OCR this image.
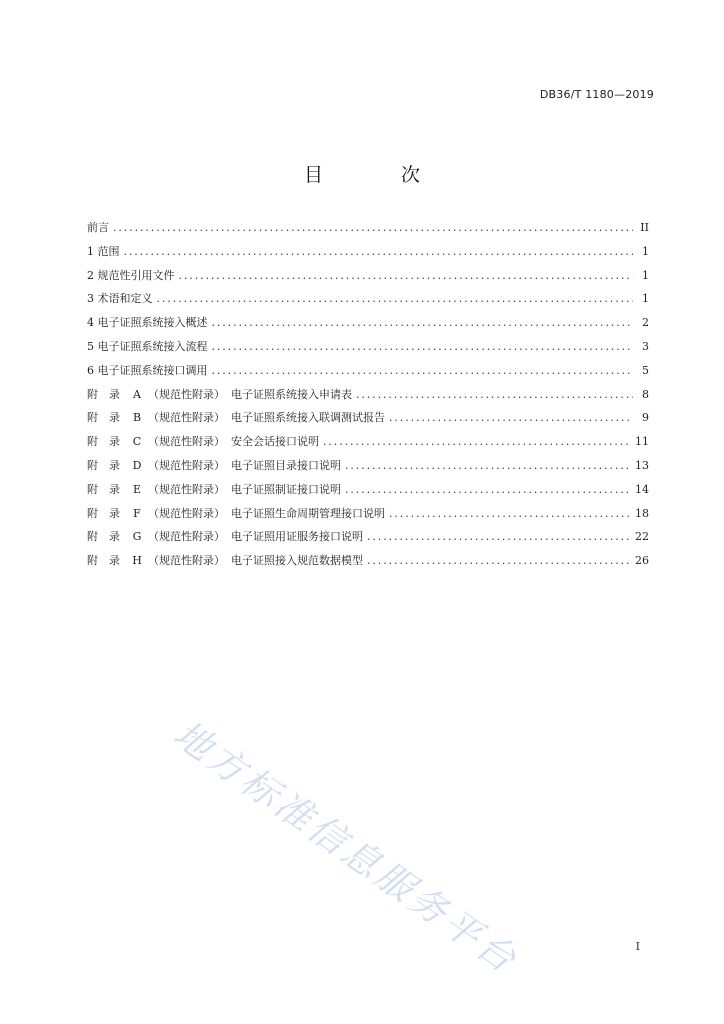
DB36/T 1180—2019
目 次
前言 .....	II
1 范围 .....	1
2 规范性引用文件 .....	1
3 术语和定义 .....	1
4 电子证照系统接入概述 .....	2
5 电子证照系统接入流程 .....	3
6 电子证照系统接口调用 .....	5
附　录 A （规范性附录） 电子证照系统接入申请表 .....	8
附　录 B （规范性附录） 电子证照系统接入联调测试报告 .....	9
附　录 C （规范性附录） 安全会话接口说明 .....	11
附　录 D （规范性附录） 电子证照目录接口说明 .....	13
附　录 E （规范性附录） 电子证照制证接口说明 .....	14
附　录 F （规范性附录） 电子证照生命周期管理接口说明 .....	18
附　录 G （规范性附录） 电子证照用证服务接口说明 .....	22
附　录 H （规范性附录） 电子证照接入规范数据模型 .....	26
地方标准信息服务平台	I
